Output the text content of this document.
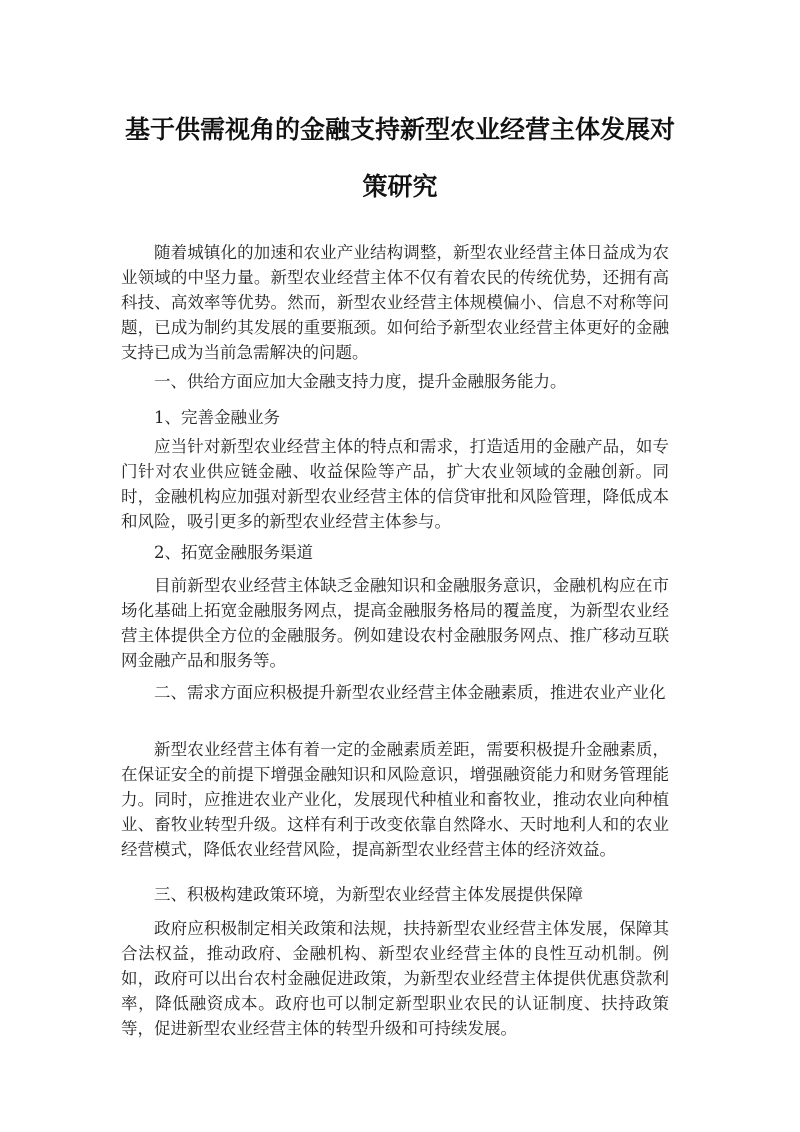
基于供需视角的金融支持新型农业经营主体发展对
策研究

随着城镇化的加速和农业产业结构调整，新型农业经营主体日益成为农业领域的中坚力量。新型农业经营主体不仅有着农民的传统优势，还拥有高科技、高效率等优势。然而，新型农业经营主体规模偏小、信息不对称等问题，已成为制约其发展的重要瓶颈。如何给予新型农业经营主体更好的金融支持已成为当前急需解决的问题。

一、供给方面应加大金融支持力度，提升金融服务能力。

1、完善金融业务

应当针对新型农业经营主体的特点和需求，打造适用的金融产品，如专门针对农业供应链金融、收益保险等产品，扩大农业领域的金融创新。同时，金融机构应加强对新型农业经营主体的信贷审批和风险管理，降低成本和风险，吸引更多的新型农业经营主体参与。

2、拓宽金融服务渠道

目前新型农业经营主体缺乏金融知识和金融服务意识，金融机构应在市场化基础上拓宽金融服务网点，提高金融服务格局的覆盖度，为新型农业经营主体提供全方位的金融服务。例如建设农村金融服务网点、推广移动互联网金融产品和服务等。

二、需求方面应积极提升新型农业经营主体金融素质，推进农业产业化

新型农业经营主体有着一定的金融素质差距，需要积极提升金融素质，在保证安全的前提下增强金融知识和风险意识，增强融资能力和财务管理能力。同时，应推进农业产业化，发展现代种植业和畜牧业，推动农业向种植业、畜牧业转型升级。这样有利于改变依靠自然降水、天时地利人和的农业经营模式，降低农业经营风险，提高新型农业经营主体的经济效益。

三、积极构建政策环境，为新型农业经营主体发展提供保障

政府应积极制定相关政策和法规，扶持新型农业经营主体发展，保障其合法权益，推动政府、金融机构、新型农业经营主体的良性互动机制。例如，政府可以出台农村金融促进政策，为新型农业经营主体提供优惠贷款利率，降低融资成本。政府也可以制定新型职业农民的认证制度、扶持政策等，促进新型农业经营主体的转型升级和可持续发展。
